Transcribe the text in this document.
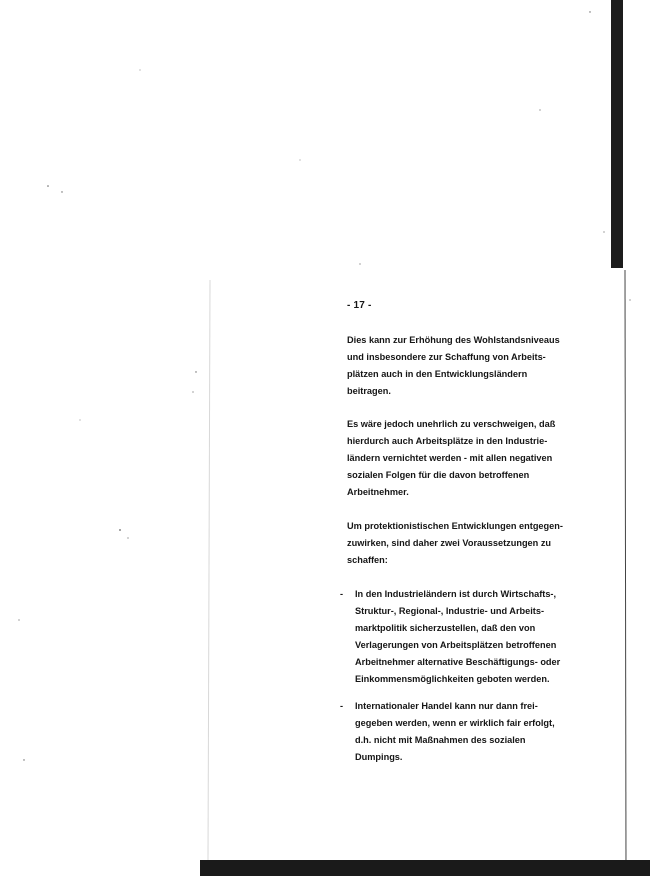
- 17 -
Dies kann zur Erhöhung des Wohlstandsniveaus
und insbesondere zur Schaffung von Arbeits-
plätzen auch in den Entwicklungsländern
beitragen.
Es wäre jedoch unehrlich zu verschweigen, daß
hierdurch auch Arbeitsplätze in den Industrie-
ländern vernichtet werden - mit allen negativen
sozialen Folgen für die davon betroffenen
Arbeitnehmer.
Um protektionistischen Entwicklungen entgegen-
zuwirken, sind daher zwei Voraussetzungen zu
schaffen:
- In den Industrieländern ist durch Wirtschafts-,
Struktur-, Regional-, Industrie- und Arbeits-
marktpolitik sicherzustellen, daß den von
Verlagerungen von Arbeitsplätzen betroffenen
Arbeitnehmer alternative Beschäftigungs- oder
Einkommensmöglichkeiten geboten werden.
- Internationaler Handel kann nur dann frei-
gegeben werden, wenn er wirklich fair erfolgt,
d.h. nicht mit Maßnahmen des sozialen
Dumpings.
